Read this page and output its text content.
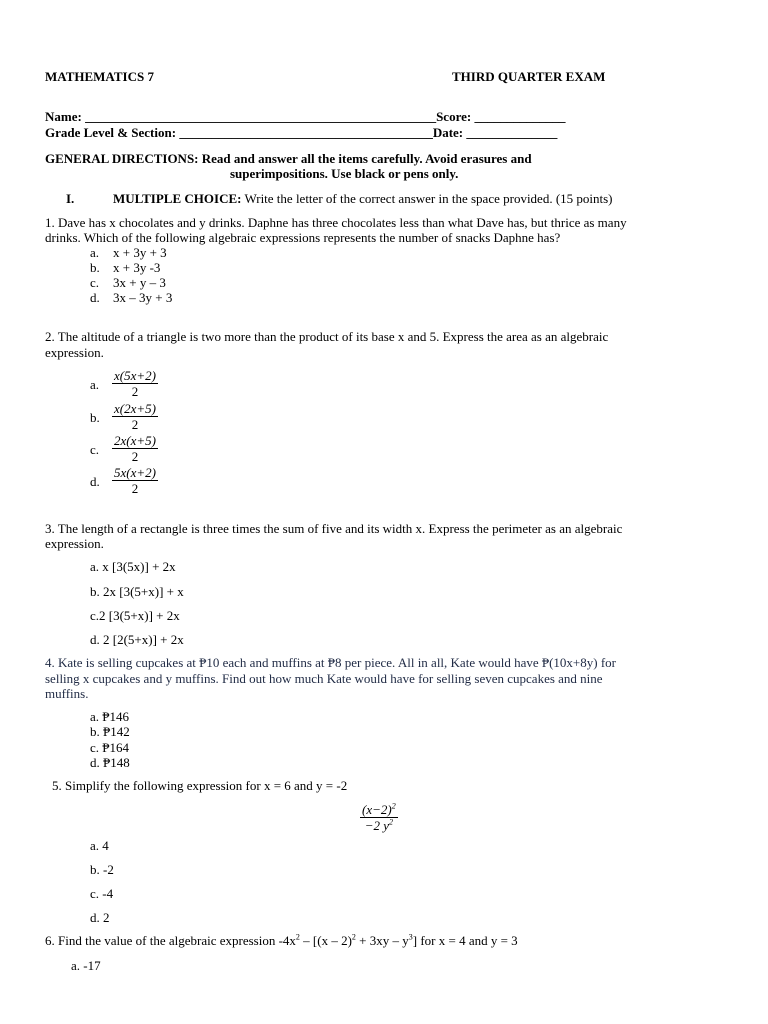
MATHEMATICS 7	THIRD QUARTER EXAM
Name: ______________________________________________________Score: ______________
Grade Level & Section: _______________________________________Date: ______________
GENERAL DIRECTIONS: Read and answer all the items carefully. Avoid erasures and
superimpositions. Use black or pens only.
I.	MULTIPLE CHOICE: Write the letter of the correct answer in the space provided. (15 points)
1. Dave has x chocolates and y drinks. Daphne has three chocolates less than what Dave has, but thrice as many
drinks. Which of the following algebraic expressions represents the number of snacks Daphne has?
a. x + 3y + 3
b. x + 3y -3
c. 3x + y – 3
d. 3x – 3y + 3
2. The altitude of a triangle is two more than the product of its base x and 5. Express the area as an algebraic
expression.
a. $\frac{x(5x+2)}{2}$
b. $\frac{x(2x+5)}{2}$
c. $\frac{2x(x+5)}{2}$
d. $\frac{5x(x+2)}{2}$
3. The length of a rectangle is three times the sum of five and its width x. Express the perimeter as an algebraic
expression.
a. x [3(5x)] + 2x
b. 2x [3(5+x)] + x
c.2 [3(5+x)] + 2x
d. 2 [2(5+x)] + 2x
4. Kate is selling cupcakes at ₱10 each and muffins at ₱8 per piece. All in all, Kate would have ₱(10x+8y) for
selling x cupcakes and y muffins. Find out how much Kate would have for selling seven cupcakes and nine
muffins.
a. ₱146
b. ₱142
c. ₱164
d. ₱148
5. Simplify the following expression for x = 6 and y = -2
$\frac{(x-2)^2}{-2 y^2}$
a. 4
b. -2
c. -4
d. 2
6. Find the value of the algebraic expression $-4x^2 - [(x - 2)^2 + 3xy - y^3]$ for x = 4 and y = 3
a. -17
